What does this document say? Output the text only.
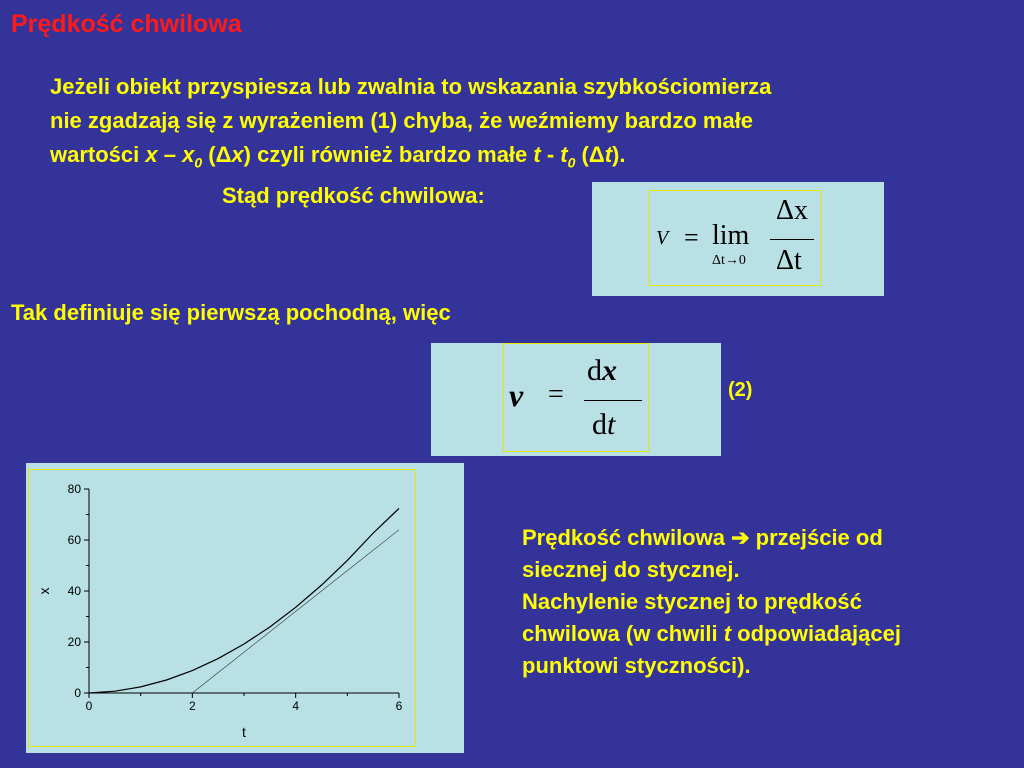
Prędkość chwilowa
Jeżeli obiekt przyspiesza lub zwalnia to wskazania szybkościomierza
nie zgadzają się z wyrażeniem (1) chyba, że weźmiemy bardzo małe
wartości x – $x_0$ (Δx) czyli również bardzo małe t - $t_0$ (Δt).
Stąd prędkość chwilowa:
V = lim
Δt→0
Δx
Δt
Tak definiuje się pierwszą pochodną, więc
dx
dt
v =	(2)
0	2	4	6
0
20
40
60
80
t
x
Prędkość chwilowa ➔ przejście od
siecznej do stycznej.
Nachylenie stycznej to prędkość
chwilowa (w chwili t odpowiadającej
punktowi styczności).
